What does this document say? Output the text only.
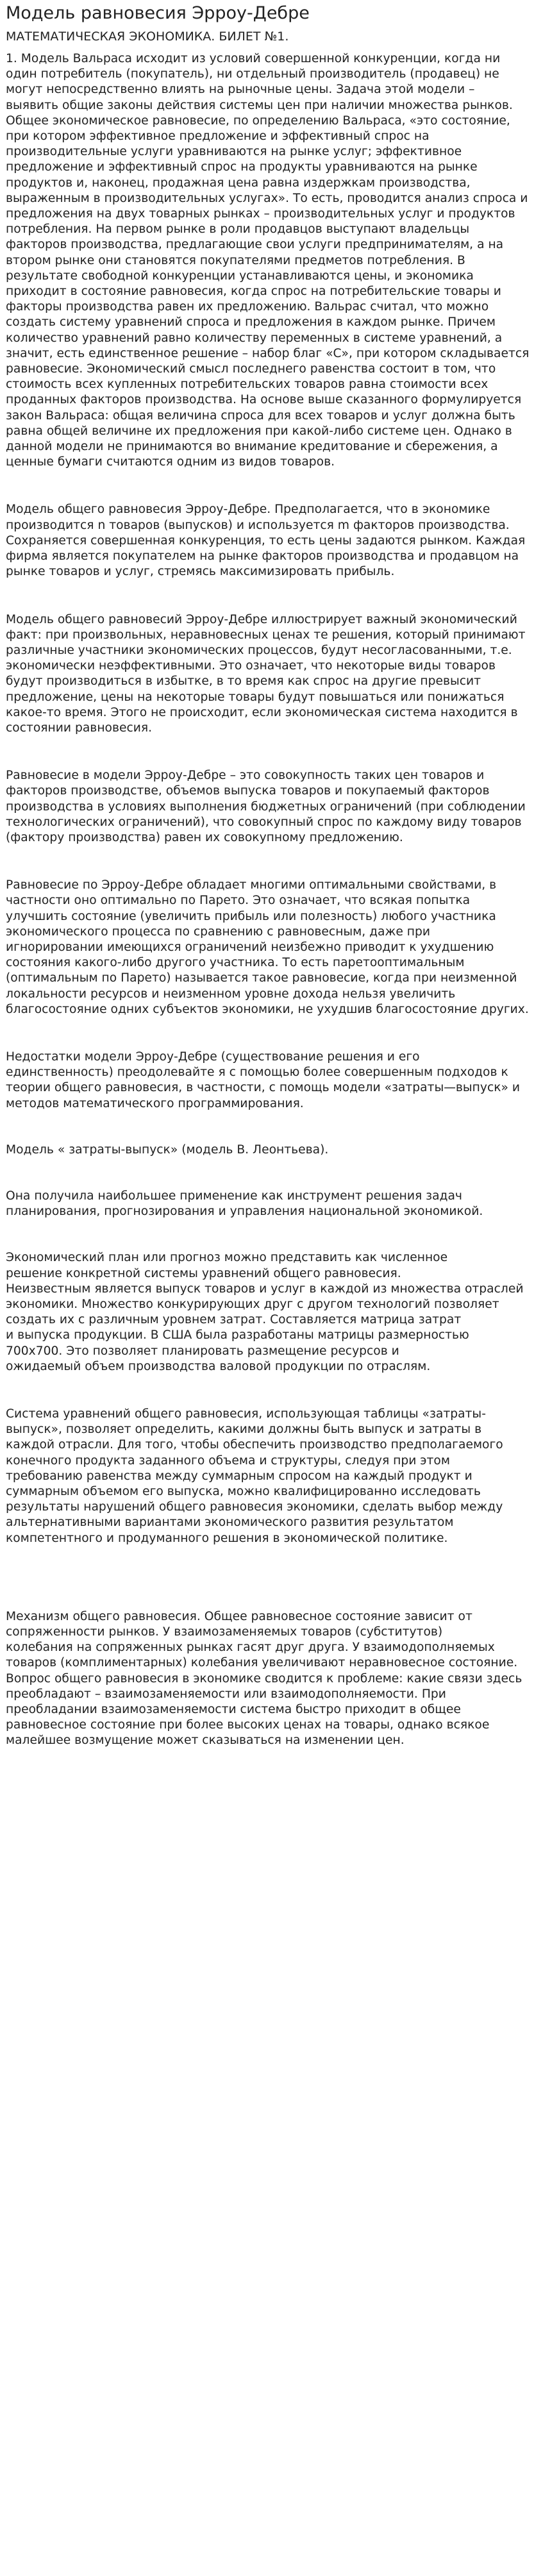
Модель равновесия Эрроу-Дебре
МАТЕМАТИЧЕСКАЯ ЭКОНОМИКА. БИЛЕТ №1.

1. Модель Вальраса исходит из условий совершенной конкуренции, когда ни
один потребитель (покупатель), ни отдельный производитель (продавец) не
могут непосредственно влиять на рыночные цены. Задача этой модели –
выявить общие законы действия системы цен при наличии множества рынков.
Общее экономическое равновесие, по определению Вальраса, «это состояние,
при котором эффективное предложение и эффективный спрос на
производительные услуги уравниваются на рынке услуг; эффективное
предложение и эффективный спрос на продукты уравниваются на рынке
продуктов и, наконец, продажная цена равна издержкам производства,
выраженным в производительных услугах». То есть, проводится анализ спроса и
предложения на двух товарных рынках – производительных услуг и продуктов
потребления. На первом рынке в роли продавцов выступают владельцы
факторов производства, предлагающие свои услуги предпринимателям, а на
втором рынке они становятся покупателями предметов потребления. В
результате свободной конкуренции устанавливаются цены, и экономика
приходит в состояние равновесия, когда спрос на потребительские товары и
факторы производства равен их предложению. Вальрас считал, что можно
создать систему уравнений спроса и предложения в каждом рынке. Причем
количество уравнений равно количеству переменных в системе уравнений, а
значит, есть единственное решение – набор благ «С», при котором складывается
равновесие. Экономический смысл последнего равенства состоит в том, что
стоимость всех купленных потребительских товаров равна стоимости всех
проданных факторов производства. На основе выше сказанного формулируется
закон Вальраса: общая величина спроса для всех товаров и услуг должна быть
равна общей величине их предложения при какой-либо системе цен. Однако в
данной модели не принимаются во внимание кредитование и сбережения, а
ценные бумаги считаются одним из видов товаров.

Модель общего равновесия Эрроу-Дебре. Предполагается, что в экономике
производится n товаров (выпусков) и используется m факторов производства.
Сохраняется совершенная конкуренция, то есть цены задаются рынком. Каждая
фирма является покупателем на рынке факторов производства и продавцом на
рынке товаров и услуг, стремясь максимизировать прибыль.

Модель общего равновесий Эрроу-Дебре иллюстрирует важный экономический
факт: при произвольных, неравновесных ценах те решения, который принимают
различные участники экономических процессов, будут несогласованными, т.е.
экономически неэффективными. Это означает, что некоторые виды товаров
будут производиться в избытке, в то время как спрос на другие превысит
предложение, цены на некоторые товары будут повышаться или понижаться
какое-то время. Этого не происходит, если экономическая система находится в
состоянии равновесия.

Равновесие в модели Эрроу-Дебре – это совокупность таких цен товаров и
факторов производстве, объемов выпуска товаров и покупаемый факторов
производства в условиях выполнения бюджетных ограничений (при соблюдении
технологических ограничений), что совокупный спрос по каждому виду товаров
(фактору производства) равен их совокупному предложению.

Равновесие по Эрроу-Дебре обладает многими оптимальными свойствами, в
частности оно оптимально по Парето. Это означает, что всякая попытка
улучшить состояние (увеличить прибыль или полезность) любого участника
экономического процесса по сравнению с равновесным, даже при
игнорировании имеющихся ограничений неизбежно приводит к ухудшению
состояния какого-либо другого участника. То есть паретооптимальным
(оптимальным по Парето) называется такое равновесие, когда при неизменной
локальности ресурсов и неизменном уровне дохода нельзя увеличить
благосостояние одних субъектов экономики, не ухудшив благосостояние других.

Недостатки модели Эрроу-Дебре (существование решения и его
единственность) преодолевайте я с помощью более совершенным подходов к
теории общего равновесия, в частности, с помощь модели «затраты—выпуск» и
методов математического программирования.

Модель « затраты-выпуск» (модель В. Леонтьева).

Она получила наибольшее применение как инструмент решения задач
планирования, прогнозирования и управления национальной экономикой.

Экономический план или прогноз можно представить как численное
решение конкретной системы уравнений общего равновесия.
Неизвестным является выпуск товаров и услуг в каждой из множества отраслей
экономики. Множество конкурирующих друг с другом технологий позволяет
создать их с различным уровнем затрат. Составляется матрица затрат
и выпуска продукции. В США была разработаны матрицы размерностью
700х700. Это позволяет планировать размещение ресурсов и
ожидаемый объем производства валовой продукции по отраслям.

Система уравнений общего равновесия, использующая таблицы «затраты-
выпуск», позволяет определить, какими должны быть выпуск и затраты в
каждой отрасли. Для того, чтобы обеспечить производство предполагаемого
конечного продукта заданного объема и структуры, следуя при этом
требованию равенства между суммарным спросом на каждый продукт и
суммарным объемом его выпуска, можно квалифицированно исследовать
результаты нарушений общего равновесия экономики, сделать выбор между
альтернативными вариантами экономического развития результатом
компетентного и продуманного решения в экономической политике.

Механизм общего равновесия. Общее равновесное состояние зависит от
сопряженности рынков. У взаимозаменяемых товаров (субститутов)
колебания на сопряженных рынках гасят друг друга. У взаимодополняемых
товаров (комплиментарных) колебания увеличивают неравновесное состояние.
Вопрос общего равновесия в экономике сводится к проблеме: какие связи здесь
преобладают – взаимозаменяемости или взаимодополняемости. При
преобладании взаимозаменяемости система быстро приходит в общее
равновесное состояние при более высоких ценах на товары, однако всякое
малейшее возмущение может сказываться на изменении цен.
